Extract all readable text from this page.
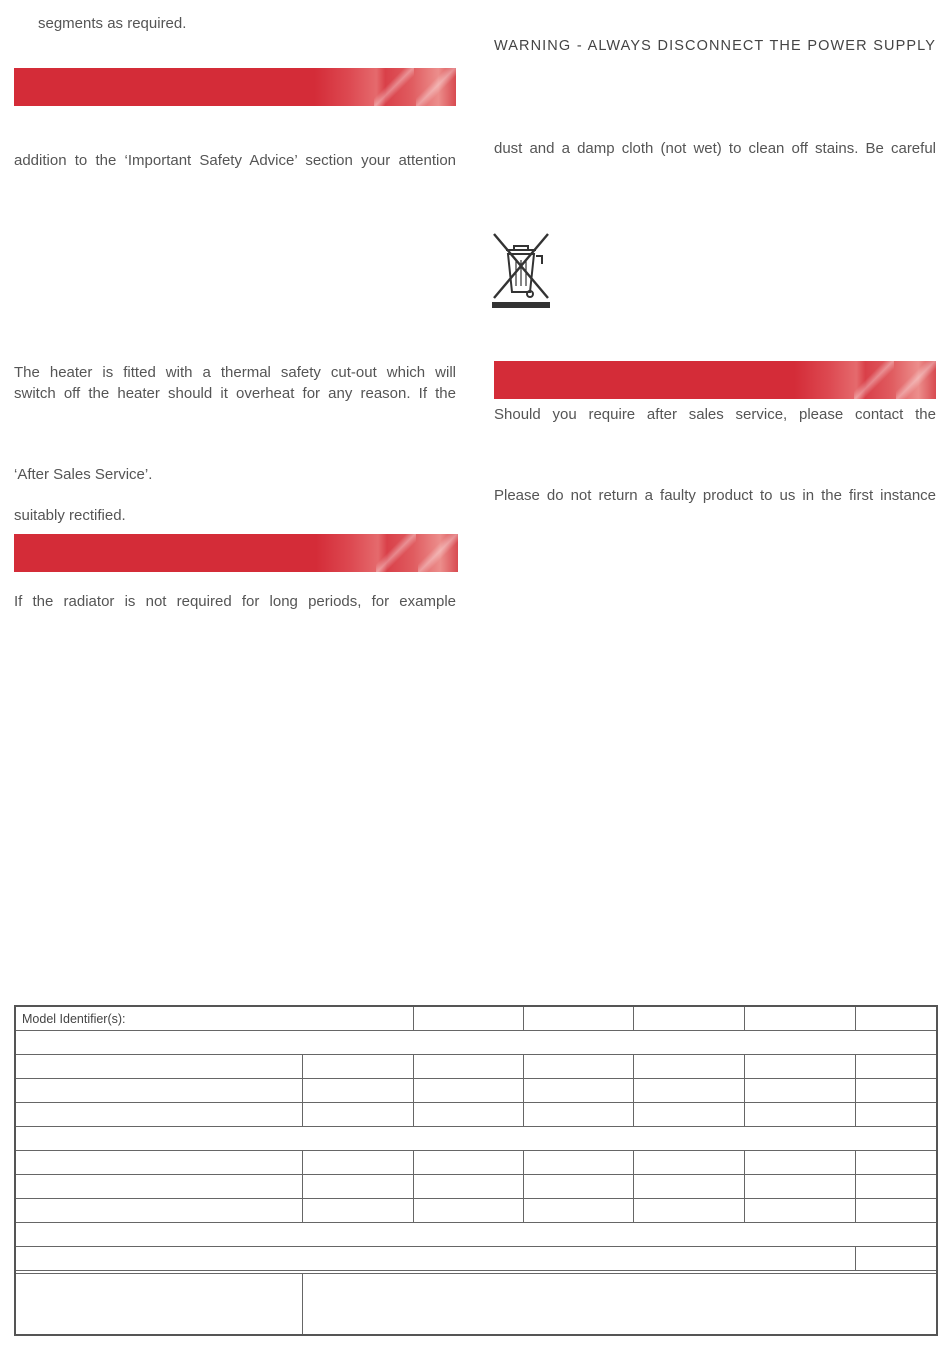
segments as required.
addition to the ‘Important Safety Advice’ section your attention
The heater is fitted with a thermal safety cut-out which will
switch off the heater should it overheat for any reason. If the
‘After Sales Service’.
suitably rectified.
If the radiator is not required for long periods, for example
WARNING - ALWAYS DISCONNECT THE POWER SUPPLY
dust and a damp cloth (not wet) to clean off stains. Be careful
Should you require after sales service, please contact the
Please do not return a faulty product to us in the first instance
Model Identifier(s):						
